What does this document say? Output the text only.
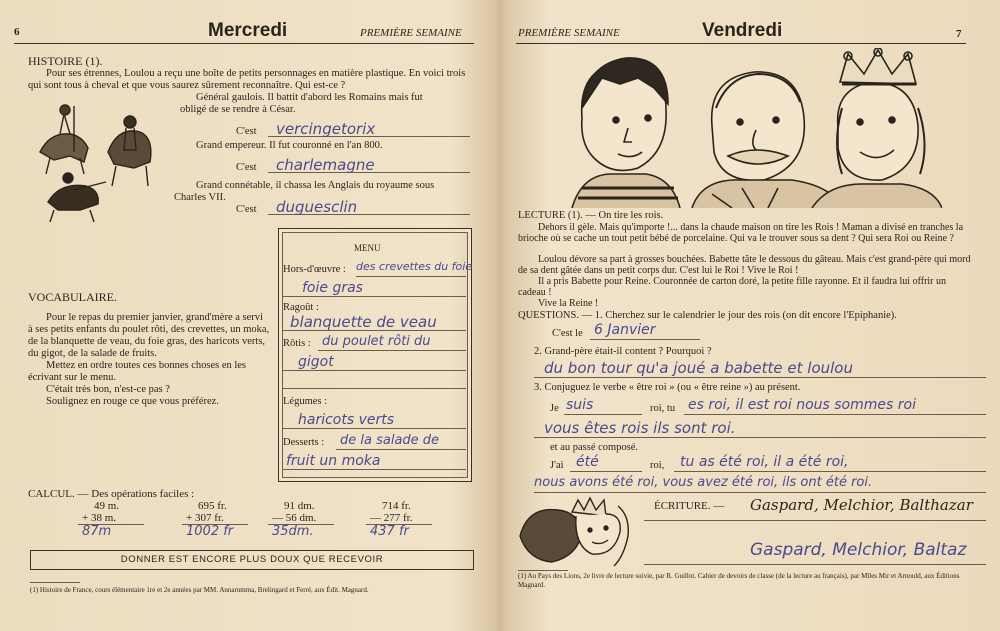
6	Mercredi	PREMIÈRE SEMAINE
HISTOIRE (1).
Pour ses étrennes, Loulou a reçu une boîte de petits personnages en matière plastique. En voici trois qui sont tous à cheval et que vous saurez sûrement reconnaître. Qui est-ce ?
Général gaulois. Il battit d'abord les Romains mais fut
obligé de se rendre à César.
C'est vercingetorix
Grand empereur. Il fut couronné en l'an 800.
C'est charlemagne
Grand connétable, il chassa les Anglais du royaume sous
Charles VII.
C'est duguesclin
MENU
Hors-d'œuvre : des crevettes du foie
foie gras
Ragoût :
blanquette de veau
Rôtis : du poulet rôti du
gigot
Légumes :
haricots verts
Desserts : de la salade de
fruit un moka
VOCABULAIRE.
Pour le repas du premier janvier, grand'mère a servi à ses petits enfants du poulet rôti, des crevettes, un moka, de la blanquette de veau, du foie gras, des haricots verts, du gigot, de la salade de fruits.
Mettez en ordre toutes ces bonnes choses en les écrivant sur le menu.
C'était très bon, n'est-ce pas ?
Soulignez en rouge ce que vous préférez.
CALCUL. — Des opérations faciles :
49 m.
+ 38 m.
87m
695 fr.
+ 307 fr.
1002 fr
91 dm.
— 56 dm.
35dm.
714 fr.
— 277 fr.
437 fr
DONNER EST ENCORE PLUS DOUX QUE RECEVOIR
(1) Histoire de France, cours élémentaire 1re et 2e années par MM. Annarumma, Brelingard et Ferré, aux Édit. Magnard.
PREMIÈRE SEMAINE	Vendredi	7
LECTURE (1). — On tire les rois.
Dehors il gèle. Mais qu'importe !... dans la chaude maison on tire les Rois ! Maman a divisé en tranches la brioche où se cache un tout petit bébé de porcelaine. Qui va le trouver sous sa dent ? Qui sera Roi ou Reine ?
Loulou dévore sa part à grosses bouchées. Babette tâte le dessous du gâteau. Mais c'est grand-père qui mord de sa dent gâtée dans un petit corps dur. C'est lui le Roi ! Vive le Roi !
Il a pris Babette pour Reine. Couronnée de carton doré, la petite fille rayonne. Et il faudra lui offrir un cadeau !
Vive la Reine !
QUESTIONS. — 1. Cherchez sur le calendrier le jour des rois (on dit encore l'Epiphanie).
C'est le 6 Janvier
2. Grand-père était-il content ? Pourquoi ?
du bon tour qu'a joué a babette et loulou
3. Conjuguez le verbe « être roi » (ou « être reine ») au présent.
Je suis	roi, tu es roi, il est roi nous sommes roi
vous êtes rois ils sont roi.
et au passé composé.
J'ai été	roi, tu as été roi, il a été roi,
nous avons été roi, vous avez été roi, ils ont été roi.
ÉCRITURE. — Gaspard, Melchior, Balthazar
Gaspard, Melchior, Baltaz
(1) Au Pays des Lions, 2e livre de lecture suivie, par R. Guillot. Cahier de devoirs de classe (de la lecture au français), par Mlles Mir et Arnould, aux Éditions Magnard.
